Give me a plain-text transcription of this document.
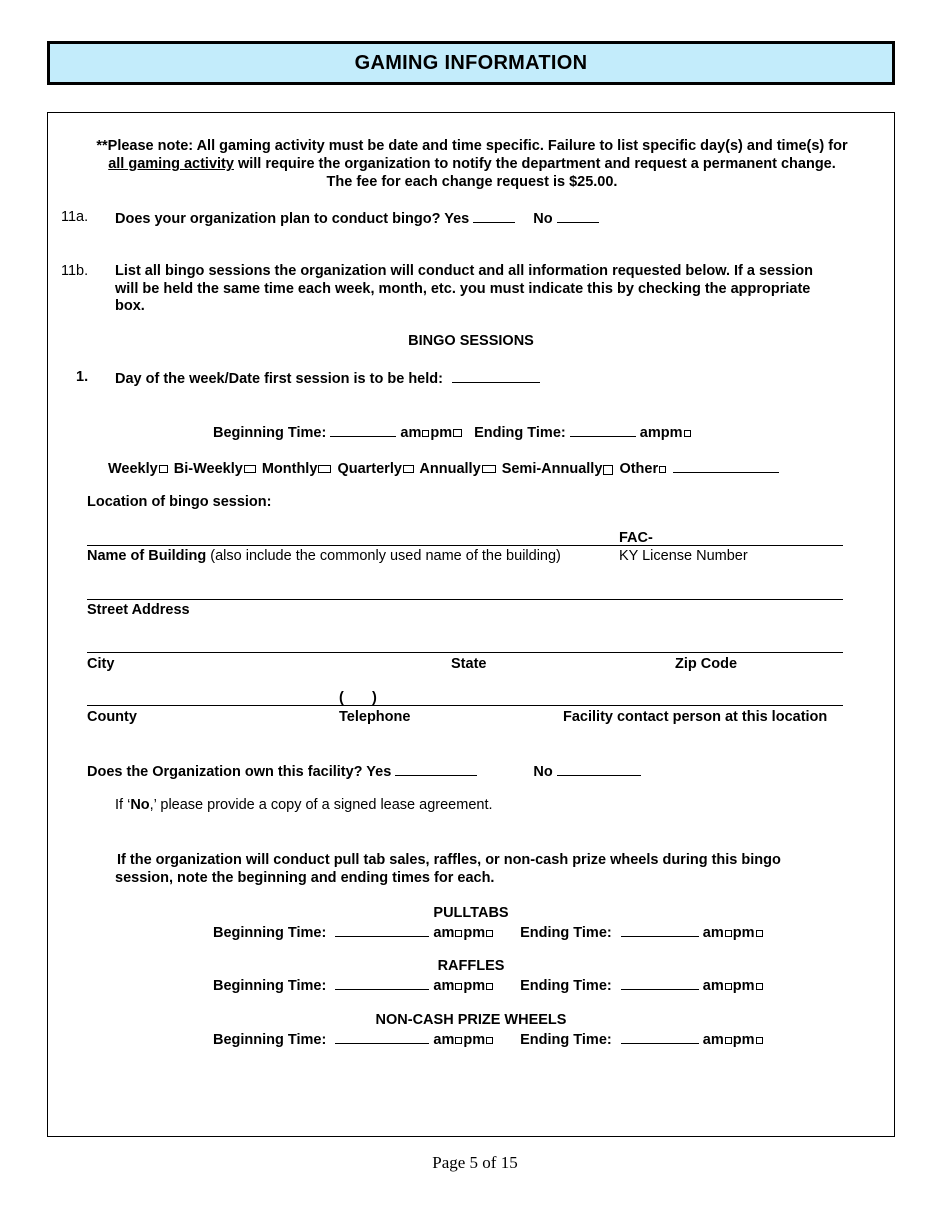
GAMING INFORMATION
**Please note: All gaming activity must be date and time specific. Failure to list specific day(s) and time(s) for
all gaming activity will require the organization to notify the department and request a permanent change.
The fee for each change request is $25.00.
11a. Does your organization plan to conduct bingo? Yes	No
11b. List all bingo sessions the organization will conduct and all information requested below. If a session
will be held the same time each week, month, etc. you must indicate this by checking the appropriate
box.
BINGO SESSIONS
1. Day of the week/Date first session is to be held:
Beginning Time:	am pm Ending Time:	ampm
Weekly Bi-Weekly Monthly Quarterly Annually Semi-Annually Other
Location of bingo session:
FAC-
Name of Building (also include the commonly used name of the building)	KY License Number
Street Address
City	State	Zip Code
(       )
County	Telephone	Facility contact person at this location
Does the Organization own this facility? Yes	No
If ‘No,’ please provide a copy of a signed lease agreement.
If the organization will conduct pull tab sales, raffles, or non-cash prize wheels during this bingo
session, note the beginning and ending times for each.
PULLTABS
Beginning Time:	am pm Ending Time:	am pm
RAFFLES
Beginning Time:	am pm Ending Time:	am pm
NON-CASH PRIZE WHEELS
Beginning Time:	am pm Ending Time:	am pm
Page 5 of 15
